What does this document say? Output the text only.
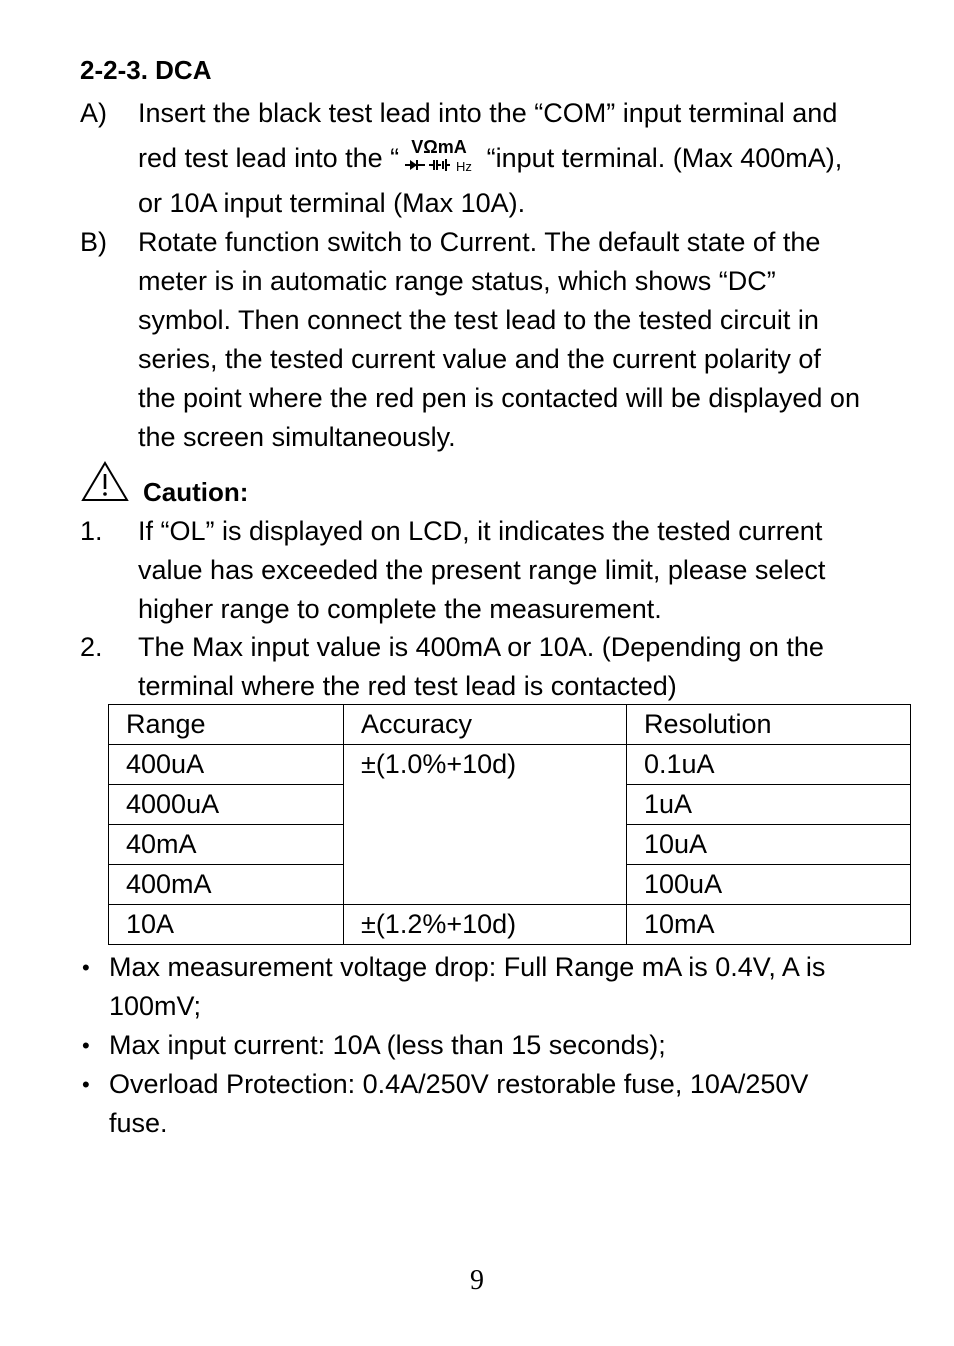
2-2-3. DCA
A) Insert the black test lead into the “COM” input terminal and
red test lead into the “ VΩmA
Hz “input terminal. (Max 400mA),
or 10A input terminal (Max 10A).
B) Rotate function switch to Current. The default state of the
meter is in automatic range status, which shows “DC”
symbol. Then connect the test lead to the tested circuit in
series, the tested current value and the current polarity of
the point where the red pen is contacted will be displayed on
the screen simultaneously.
Caution:
1. If “OL” is displayed on LCD, it indicates the tested current
value has exceeded the present range limit, please select
higher range to complete the measurement.
2. The Max input value is 400mA or 10A. (Depending on the
terminal where the red test lead is contacted)
Range	Accuracy	Resolution
400uA	±(1.0%+10d)	0.1uA
4000uA		1uA
40mA		10uA
400mA		100uA
10A	±(1.2%+10d)	10mA
• Max measurement voltage drop: Full Range mA is 0.4V, A is
100mV;
• Max input current: 10A (less than 15 seconds);
• Overload Protection: 0.4A/250V restorable fuse, 10A/250V
fuse.
9
